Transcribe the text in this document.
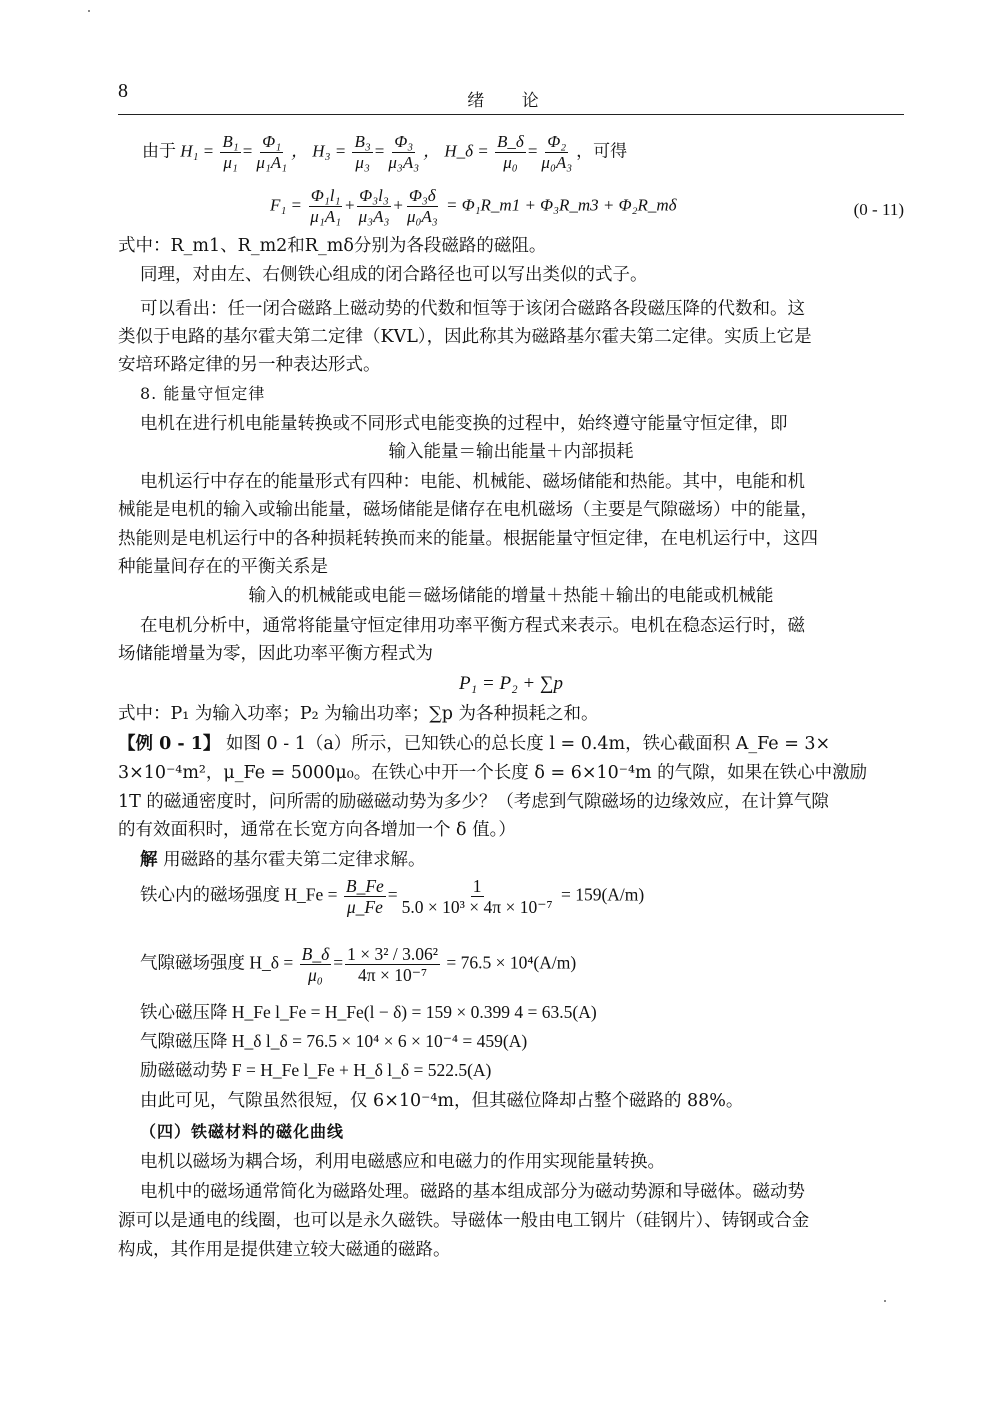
8	绪 论
由于 $H_1 = \frac{\text{B₁}}{\text{μ₁}} = \frac{\text{Φ₁}}{\text{μ₁A₁}}$ ， $H_3 = \frac{\text{B₃}}{\text{μ₃}} = \frac{\text{Φ₃}}{\text{μ₃A₃}}$ ， H_δ = $\frac{B\_\delta}{\text{μ₀}} = \frac{\text{Φ₂}}{\text{μ₀A₃}}$ ，可得
$F_1 = \frac{\text{Φ₁l₁}}{\text{μ₁A₁}} + \frac{\text{Φ₃l₃}}{\text{μ₃A₃}} + \frac{\text{Φ₃δ}}{\text{μ₀A₃}}$ = Φ₁R_m1 + Φ₃R_m3 + Φ₂R_mδ	(0 - 11)
式中：R_m1、R_m2和R_mδ分别为各段磁路的磁阻。
同理，对由左、右侧铁心组成的闭合路径也可以写出类似的式子。
可以看出：任一闭合磁路上磁动势的代数和恒等于该闭合磁路各段磁压降的代数和。这
类似于电路的基尔霍夫第二定律（KVL），因此称其为磁路基尔霍夫第二定律。实质上它是
安培环路定律的另一种表达形式。
8. 能量守恒定律
电机在进行机电能量转换或不同形式电能变换的过程中，始终遵守能量守恒定律，即
输入能量＝输出能量＋内部损耗
电机运行中存在的能量形式有四种：电能、机械能、磁场储能和热能。其中，电能和机
械能是电机的输入或输出能量，磁场储能是储存在电机磁场（主要是气隙磁场）中的能量，
热能则是电机运行中的各种损耗转换而来的能量。根据能量守恒定律，在电机运行中，这四
种能量间存在的平衡关系是
输入的机械能或电能＝磁场储能的增量＋热能＋输出的电能或机械能
在电机分析中，通常将能量守恒定律用功率平衡方程式来表示。电机在稳态运行时，磁
场储能增量为零，因此功率平衡方程式为
P₁ = P₂ + ∑p
式中：P₁ 为输入功率；P₂ 为输出功率；∑p 为各种损耗之和。
【例 0 - 1】 如图 0 - 1（a）所示，已知铁心的总长度 l = 0.4m，铁心截面积 A_Fe = 3×
3×10⁻⁴m²，μ_Fe = 5000μ₀。在铁心中开一个长度 δ = 6×10⁻⁴m 的气隙，如果在铁心中激励
1T 的磁通密度时，问所需的励磁磁动势为多少？（考虑到气隙磁场的边缘效应，在计算气隙
的有效面积时，通常在长宽方向各增加一个 δ 值。）
解 用磁路的基尔霍夫第二定律求解。
铁心内的磁场强度 H_Fe = $\frac{B\_Fe}{\mu\_Fe} = \frac{1}{\text{5.0 × 10³ × 4π × 10⁻⁷}} = 159(A/m)$
气隙磁场强度 H_δ = $\frac{B\_\delta}{\text{μ₀}} = \frac{\text{1 × 3² / 3.06²}}{\text{4π × 10⁻⁷}} = 76.5 \times 10^4(A/m)$
铁心磁压降 H_Fe l_Fe = H_Fe(l − δ) = 159 × 0.399 4 = 63.5(A)
气隙磁压降 H_δ l_δ = 76.5 × 10⁴ × 6 × 10⁻⁴ = 459(A)
励磁磁动势 F = H_Fe l_Fe + H_δ l_δ = 522.5(A)
由此可见，气隙虽然很短，仅 6×10⁻⁴m，但其磁位降却占整个磁路的 88%。
（四）铁磁材料的磁化曲线
电机以磁场为耦合场，利用电磁感应和电磁力的作用实现能量转换。
电机中的磁场通常简化为磁路处理。磁路的基本组成部分为磁动势源和导磁体。磁动势
源可以是通电的线圈，也可以是永久磁铁。导磁体一般由电工钢片（硅钢片）、铸钢或合金
构成，其作用是提供建立较大磁通的磁路。
